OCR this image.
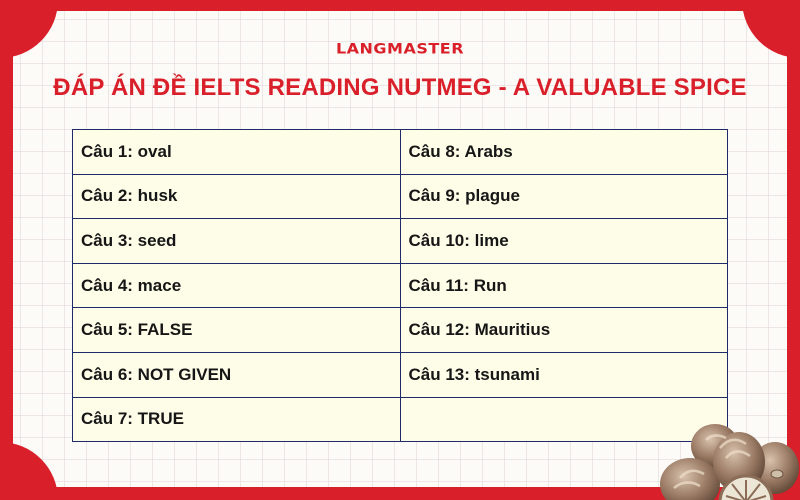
LANGMASTER
ĐÁP ÁN ĐỀ IELTS READING NUTMEG - A VALUABLE SPICE
Câu 1: oval	Câu 8: Arabs
Câu 2: husk	Câu 9: plague
Câu 3: seed	Câu 10: lime
Câu 4: mace	Câu 11: Run
Câu 5: FALSE	Câu 12: Mauritius
Câu 6: NOT GIVEN	Câu 13: tsunami
Câu 7: TRUE	
